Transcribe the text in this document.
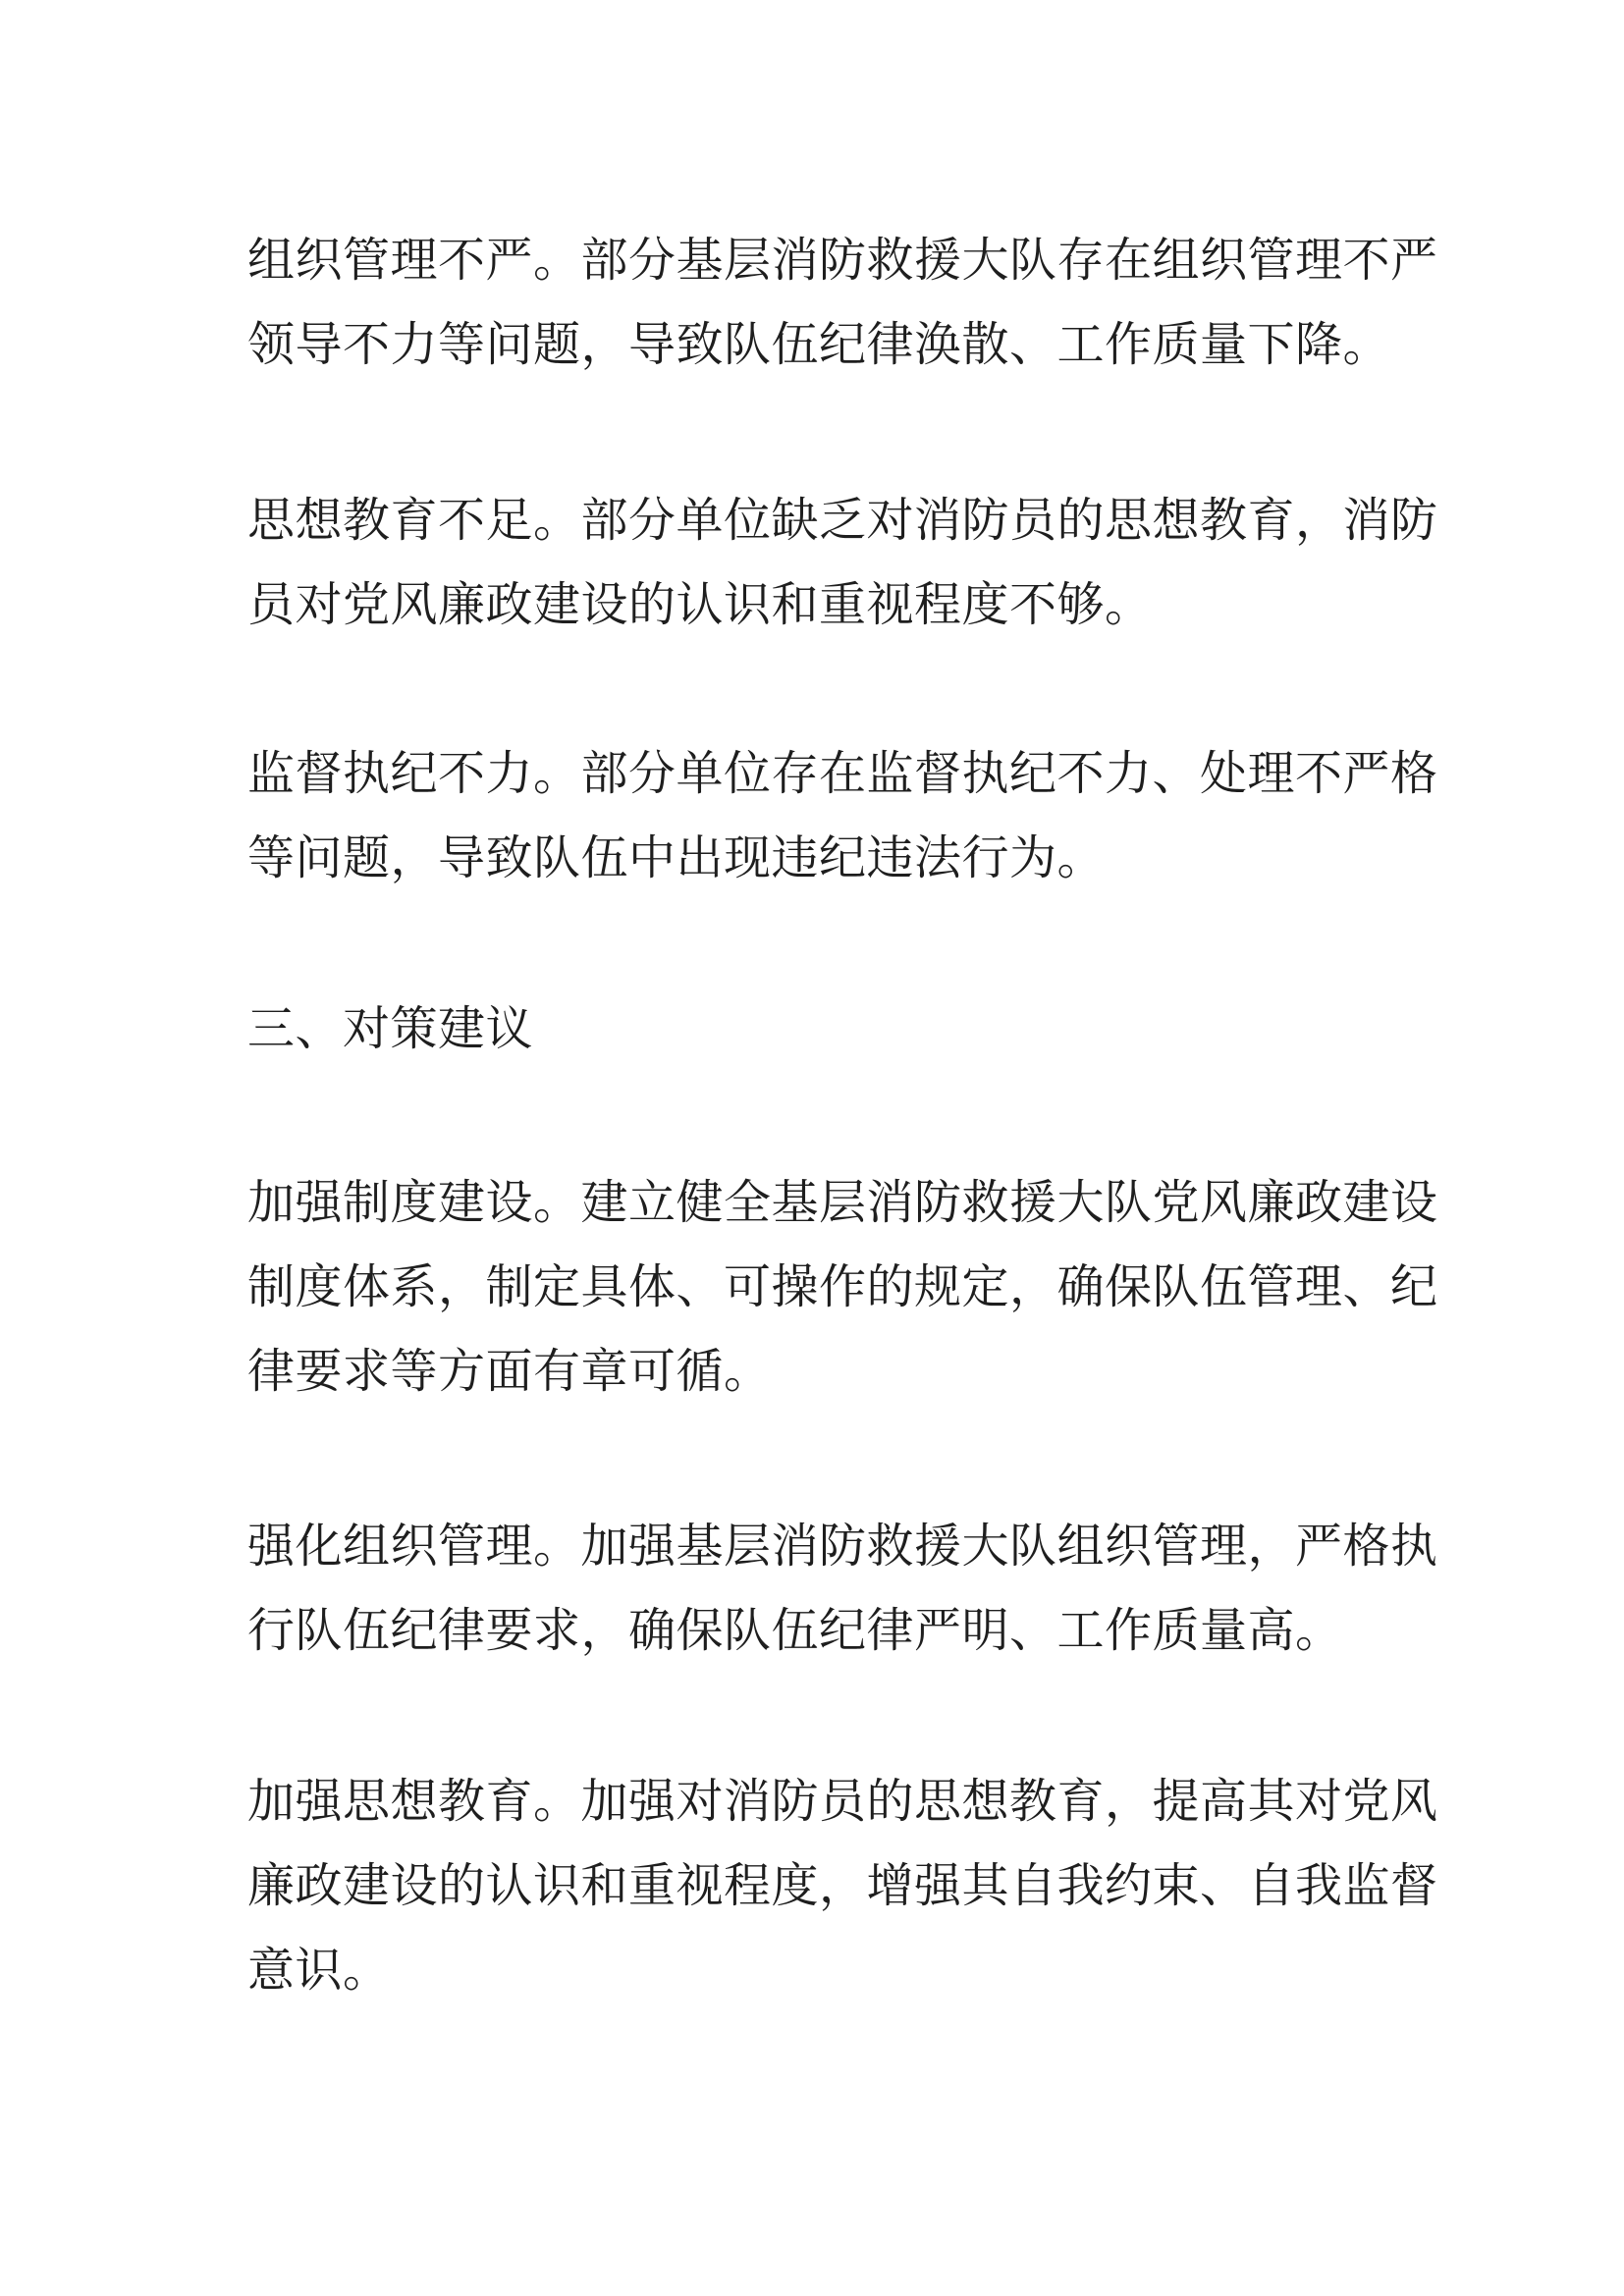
组织管理不严。部分基层消防救援大队存在组织管理不严
领导不力等问题，导致队伍纪律涣散、工作质量下降。

思想教育不足。部分单位缺乏对消防员的思想教育，消防
员对党风廉政建设的认识和重视程度不够。

监督执纪不力。部分单位存在监督执纪不力、处理不严格
等问题，导致队伍中出现违纪违法行为。

三、对策建议

加强制度建设。建立健全基层消防救援大队党风廉政建设
制度体系，制定具体、可操作的规定，确保队伍管理、纪
律要求等方面有章可循。

强化组织管理。加强基层消防救援大队组织管理，严格执
行队伍纪律要求，确保队伍纪律严明、工作质量高。

加强思想教育。加强对消防员的思想教育，提高其对党风
廉政建设的认识和重视程度，增强其自我约束、自我监督
意识。
